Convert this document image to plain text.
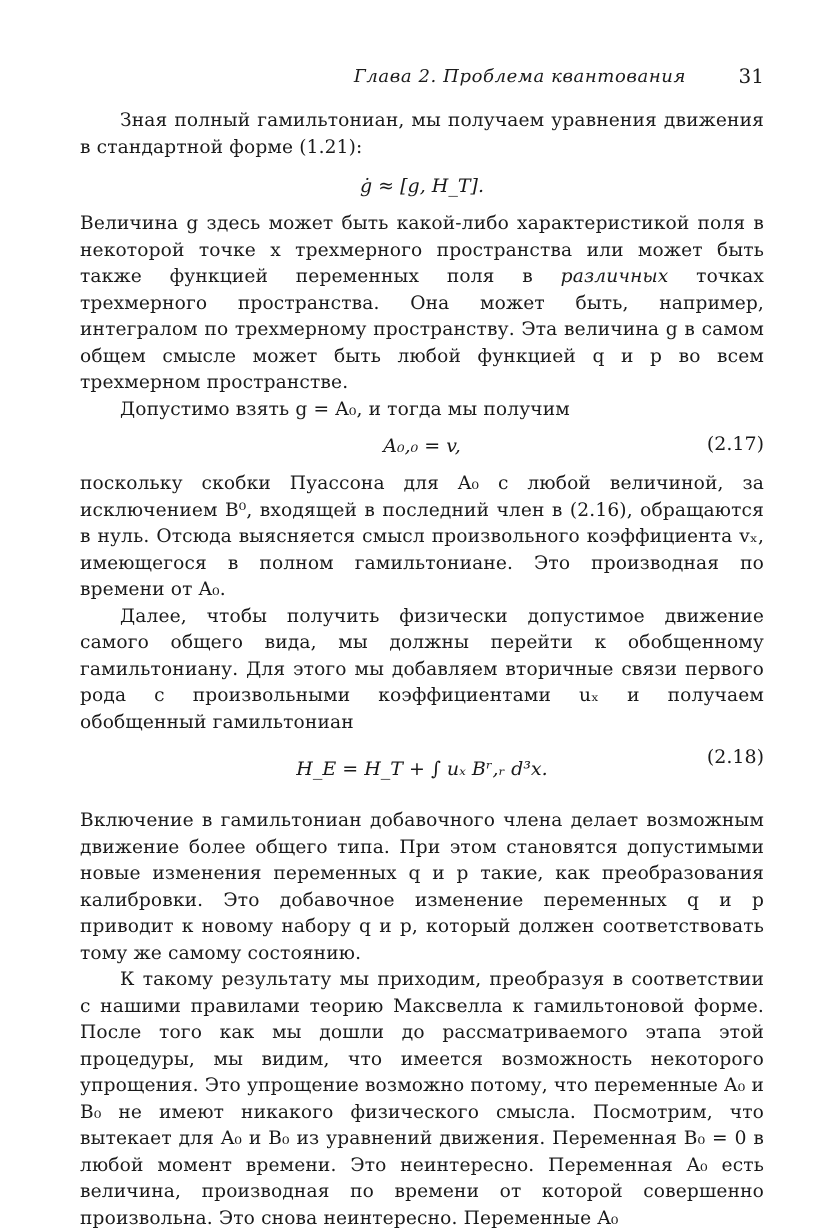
Глава 2. Проблема квантования	31

Зная полный гамильтониан, мы получаем уравнения движения в стандартной форме (1.21):

ġ ≈ [g, H_T].

Величина g здесь может быть какой-либо характеристикой поля в некоторой точке x трехмерного пространства или может быть также функцией переменных поля в различных точках трехмерного пространства. Она может быть, например, интегралом по трехмерному пространству. Эта величина g в самом общем смысле может быть любой функцией q и p во всем трехмерном пространстве.

Допустимо взять g = A₀, и тогда мы получим

A₀,₀ = v,	(2.17)

поскольку скобки Пуассона для A₀ с любой величиной, за исключением B⁰, входящей в последний член в (2.16), обращаются в нуль. Отсюда выясняется смысл произвольного коэффициента vₓ, имеющегося в полном гамильтониане. Это производная по времени от A₀.

Далее, чтобы получить физически допустимое движение самого общего вида, мы должны перейти к обобщенному гамильтониану. Для этого мы добавляем вторичные связи первого рода с произвольными коэффициентами uₓ и получаем обобщенный гамильтониан

H_E = H_T + ∫ uₓ Bʳ,ᵣ d³x.
(2.18)

Включение в гамильтониан добавочного члена делает возможным движение более общего типа. При этом становятся допустимыми новые изменения переменных q и p такие, как преобразования калибровки. Это добавочное изменение переменных q и p приводит к новому набору q и p, который должен соответствовать тому же самому состоянию.

К такому результату мы приходим, преобразуя в соответствии с нашими правилами теорию Максвелла к гамильтоновой форме. После того как мы дошли до рассматриваемого этапа этой процедуры, мы видим, что имеется возможность некоторого упрощения. Это упрощение возможно потому, что переменные A₀ и B₀ не имеют никакого физического смысла. Посмотрим, что вытекает для A₀ и B₀ из уравнений движения. Переменная B₀ = 0 в любой момент времени. Это неинтересно. Переменная A₀ есть величина, производная по времени от которой совершенно произвольна. Это снова неинтересно. Переменные A₀
